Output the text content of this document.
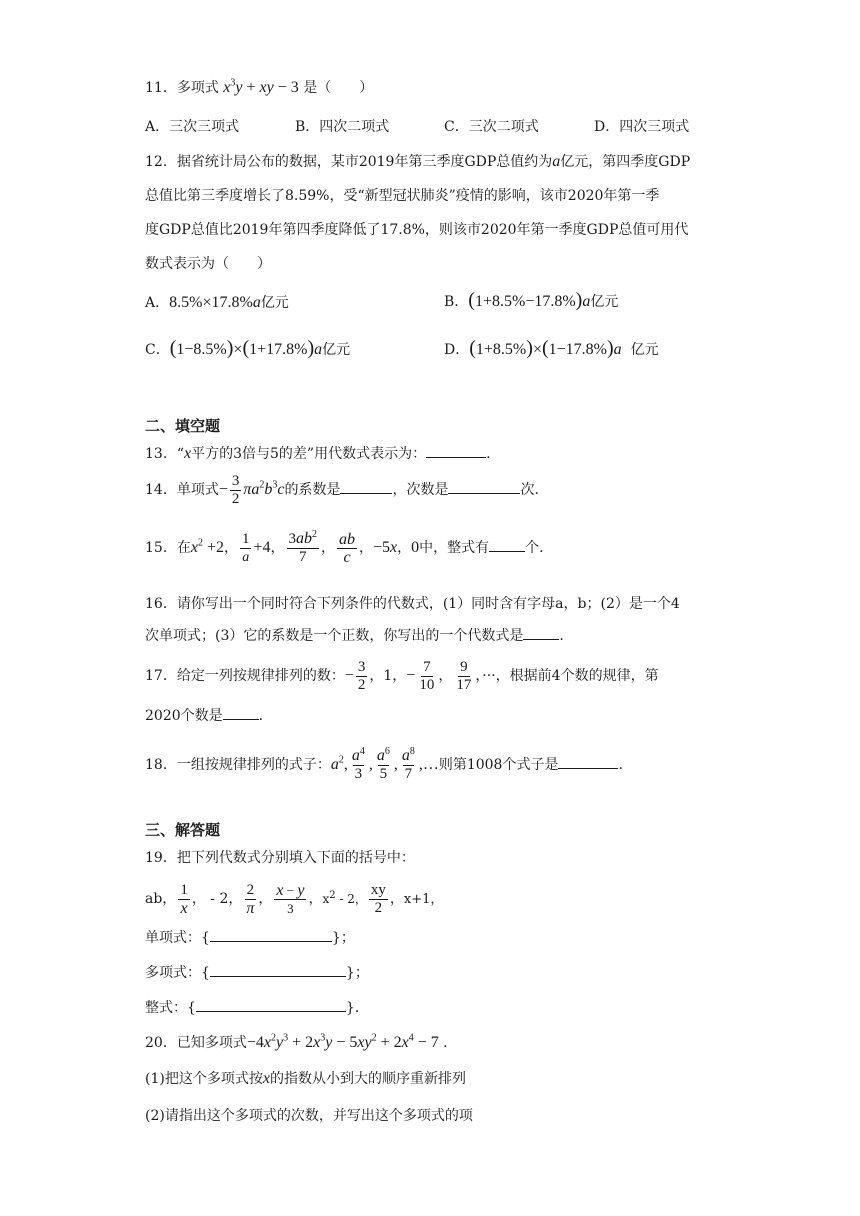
11．多项式 $x^3y$ + xy − 3 是（　　）
A．三次三项式	B．四次二项式	C．三次二项式	D．四次三项式
12．据省统计局公布的数据，某市2019年第三季度GDP总值约为a亿元，第四季度GDP
总值比第三季度增长了8.59%，受“新型冠状肺炎”疫情的影响，该市2020年第一季
度GDP总值比2019年第四季度降低了17.8%，则该市2020年第一季度GDP总值可用代
数式表示为（　　）
A．8.5%×17.8%a亿元	B．(1+8.5%−17.8%)a亿元
C．(1−8.5%)×(1+17.8%)a亿元	D．(1+8.5%)×(1−17.8%)a 亿元
二、填空题
13．“x平方的3倍与5的差”用代数式表示为：	.
14．单项式− $\frac{3}{2} \pi a^2b^3c$的系数是	，次数是	次.
15．在$x^2 +2$， $\frac{1}{a} +4$， $\frac{3ab^2}{7}$ ， $\frac{ab}{c}$ ，−5x，0中，整式有	个.
16．请你写出一个同时符合下列条件的代数式，(1）同时含有字母a，b；(2）是一个4
次单项式；(3）它的系数是一个正数，你写出的一个代数式是	.
17．给定一列按规律排列的数：− $\frac{3}{2}$ ，1，− $\frac{7}{10}$ ， $\frac{9}{17}$ ，···，根据前4个数的规律，第
2020个数是	.
18．一组按规律排列的式子：$a^2$, $\frac{a^4}{3}$ , $\frac{a^6}{5}$ , $\frac{a^8}{7}$ ,…则第1008个式子是	.
三、解答题
19．把下列代数式分别填入下面的括号中：
ab， $\frac{1}{x}$ ， - 2， $\frac{2}{\pi}$ ， $\frac{x - y}{3}$ ，$x^2 - 2$， $\frac{xy}{2}$ ，x+1，
单项式：{	}；
多项式：{	}；
整式：{	}．
20．已知多项式$-4x^2y^3 + 2x^3y - 5xy^2 + 2x^4 - 7$ .
(1)把这个多项式按x的指数从小到大的顺序重新排列
(2)请指出这个多项式的次数，并写出这个多项式的项
